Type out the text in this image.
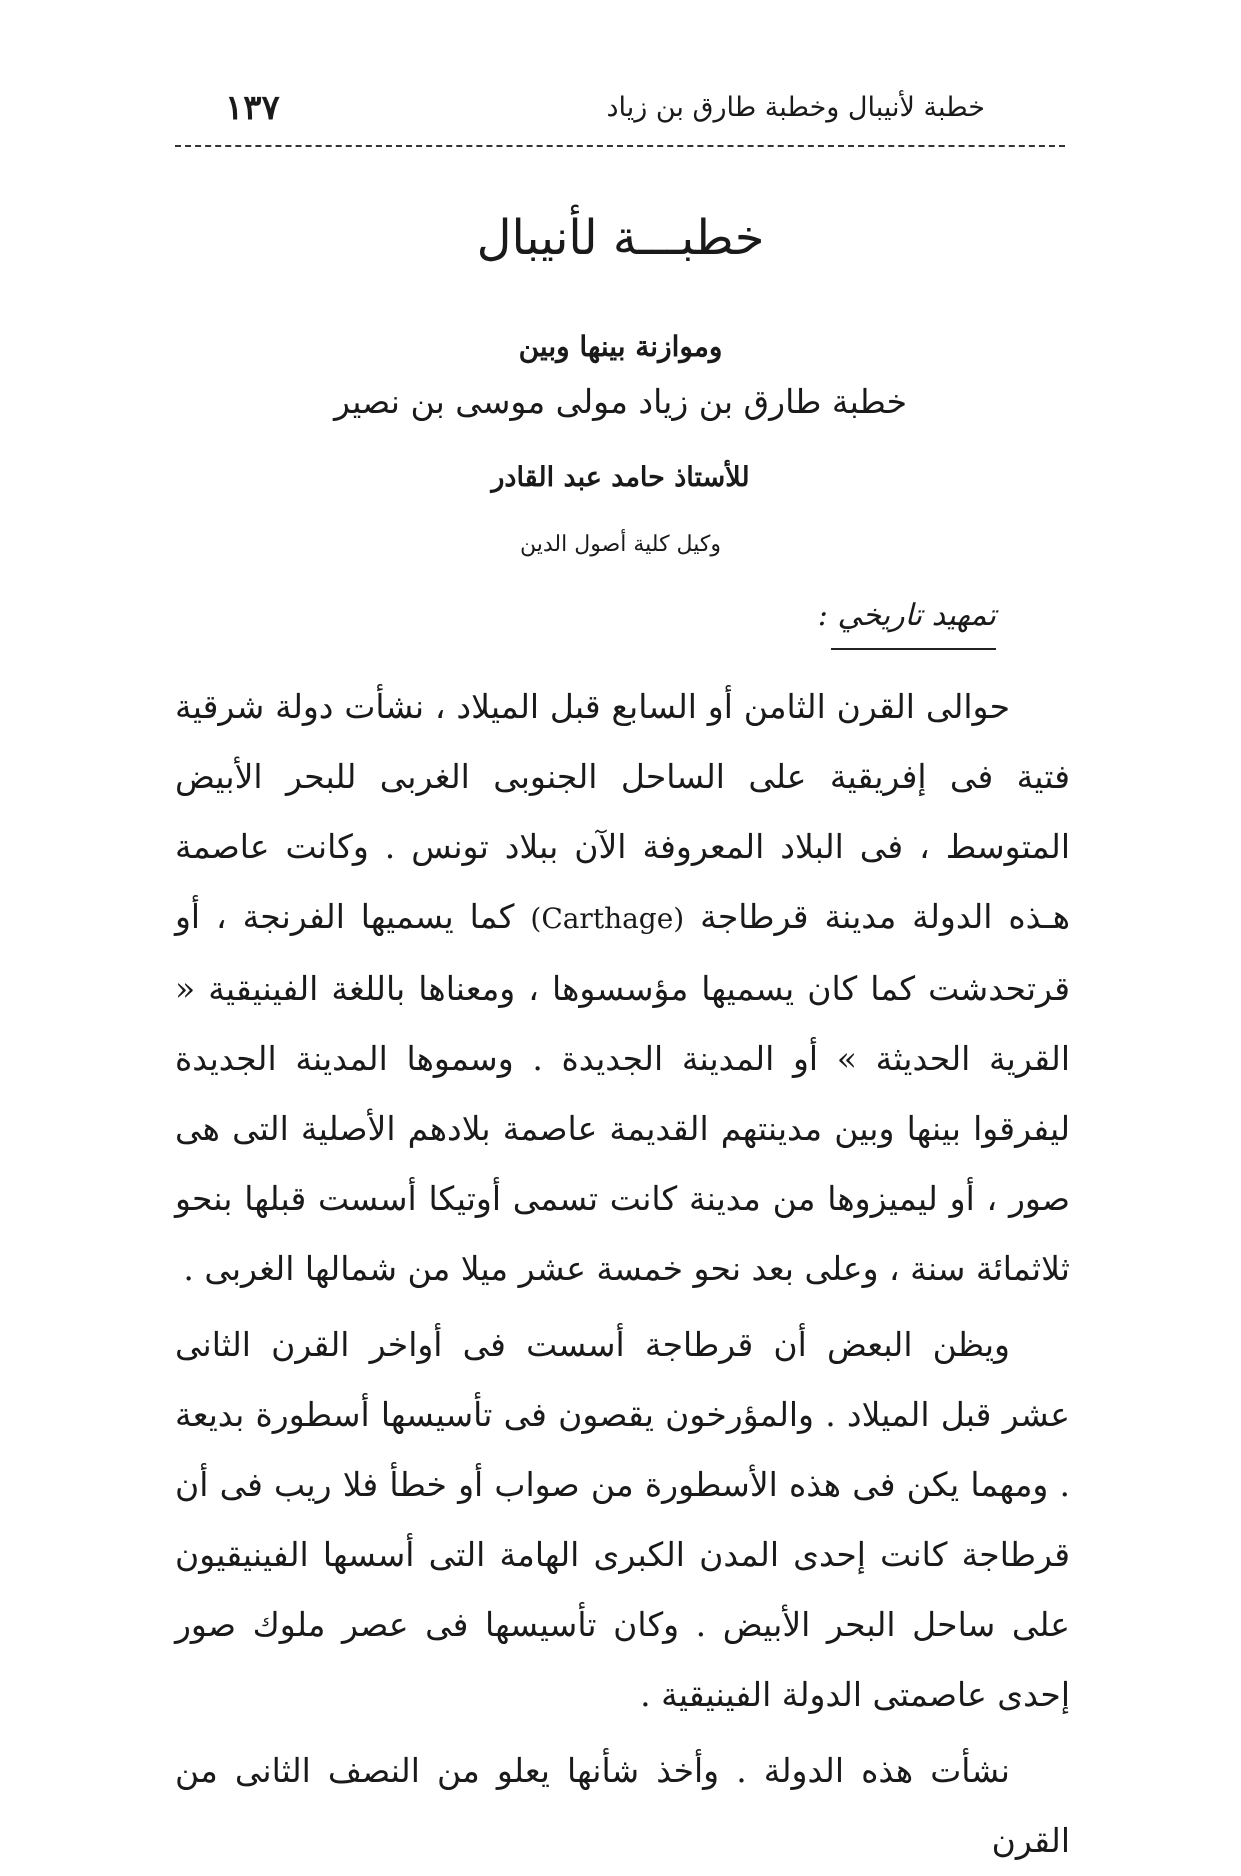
خطبة لأنيبال وخطبة طارق بن زياد
١٣٧
خطبـــة لأنيبال
وموازنة بينها وبين
خطبة طارق بن زياد مولى موسى بن نصير
للأستاذ حامد عبد القادر
وكيل كلية أصول الدين
تمهيد تاريخي :

حوالى القرن الثامن أو السابع قبل الميلاد ، نشأت دولة شرقية فتية فى إفريقية على الساحل الجنوبى الغربى للبحر الأبيض المتوسط ، فى البلاد المعروفة الآن ببلاد تونس . وكانت عاصمة هـذه الدولة مدينة قرطاجة (Carthage) كما يسميها الفرنجة ، أو قرتحدشت كما كان يسميها مؤسسوها ، ومعناها باللغة الفينيقية « القرية الحديثة » أو المدينة الجديدة . وسموها المدينة الجديدة ليفرقوا بينها وبين مدينتهم القديمة عاصمة بلادهم الأصلية التى هى صور ، أو ليميزوها من مدينة كانت تسمى أوتيكا أسست قبلها بنحو ثلاثمائة سنة ، وعلى بعد نحو خمسة عشر ميلا من شمالها الغربى .

ويظن البعض أن قرطاجة أسست فى أواخر القرن الثانى عشر قبل الميلاد . والمؤرخون يقصون فى تأسيسها أسطورة بديعة . ومهما يكن فى هذه الأسطورة من صواب أو خطأ فلا ريب فى أن قرطاجة كانت إحدى المدن الكبرى الهامة التى أسسها الفينيقيون على ساحل البحر الأبيض . وكان تأسيسها فى عصر ملوك صور إحدى عاصمتى الدولة الفينيقية .

نشأت هذه الدولة . وأخذ شأنها يعلو من النصف الثانى من القرن
